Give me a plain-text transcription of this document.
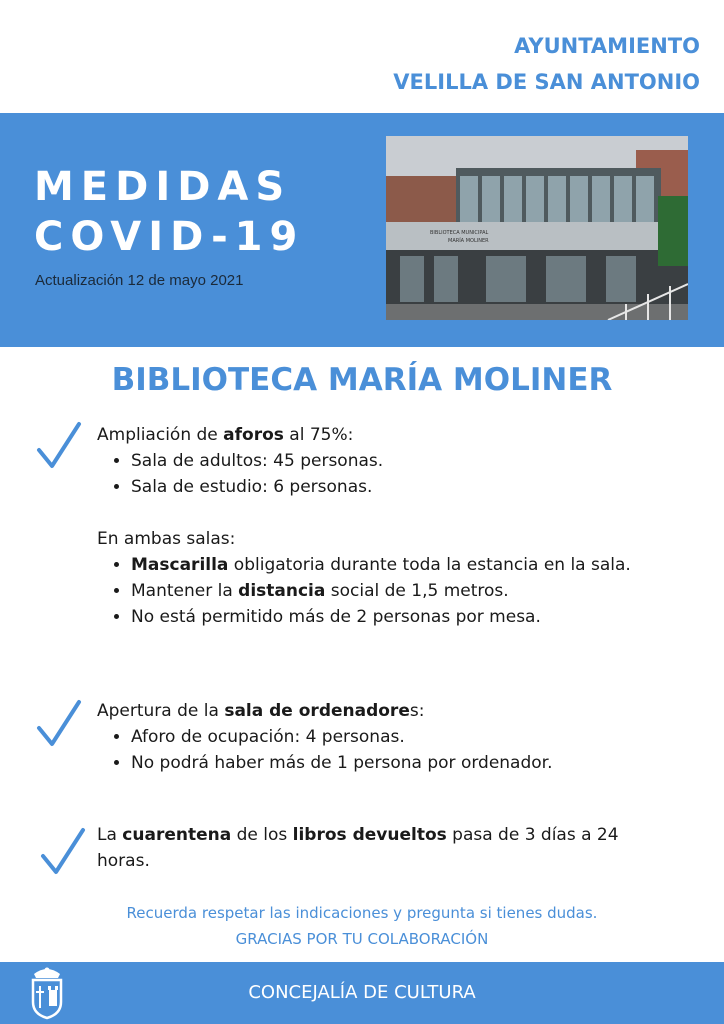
AYUNTAMIENTO
VELILLA DE SAN ANTONIO
MEDIDAS
COVID-19
Actualización 12 de mayo 2021
BIBLIOTECA MUNICIPAL
MARÍA MOLINER
BIBLIOTECA MARÍA MOLINER

Ampliación de aforos al 75%:

• Sala de adultos: 45 personas.
• Sala de estudio: 6 personas.

En ambas salas:

• Mascarilla obligatoria durante toda la estancia en la sala.
• Mantener la distancia social de 1,5 metros.
• No está permitido más de 2 personas por mesa.

Apertura de la sala de ordenadores:

• Aforo de ocupación: 4 personas.
• No podrá haber más de 1 persona por ordenador.

La cuarentena de los libros devueltos pasa de 3 días a 24 horas.

Recuerda respetar las indicaciones y pregunta si tienes dudas.
GRACIAS POR TU COLABORACIÓN
CONCEJALÍA DE CULTURA
